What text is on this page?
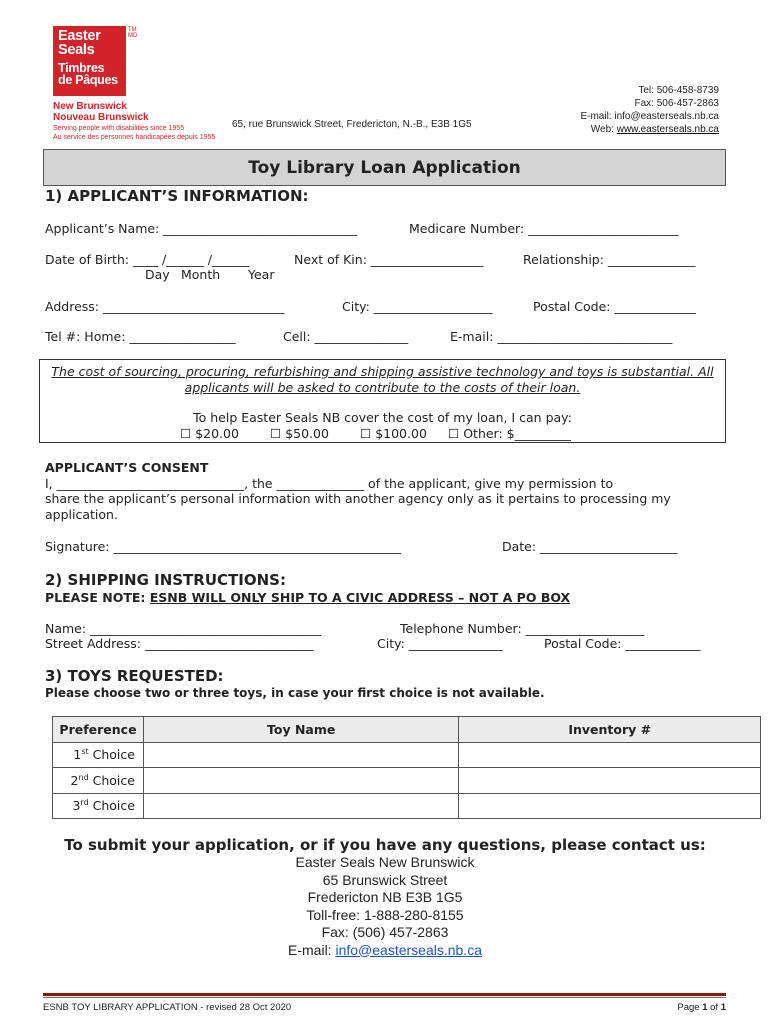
Easter
Seals
Timbres
de Pâques
TM
MD
New Brunswick
Nouveau Brunswick
Serving people with disabilities since 1955
Au service des personnes handicapées depuis 1955
65, rue Brunswick Street, Fredericton, N.-B., E3B 1G5
Tel: 506-458-8739
Fax: 506-457-2863
E-mail: info@easterseals.nb.ca
Web: www.easterseals.nb.ca
Toy Library Loan Application
1) APPLICANT’S INFORMATION:
Applicant’s Name: _______________________________	Medicare Number: ________________________
Date of Birth: ____ /______ /______	Next of Kin: __________________	Relationship: ______________
Day Month Year
Address: _____________________________	City: ___________________	Postal Code: _____________
Tel #: Home: _________________	Cell: _______________	E-mail: ____________________________
The cost of sourcing, procuring, refurbishing and shipping assistive technology and toys is substantial. All
applicants will be asked to contribute to the costs of their loan.
To help Easter Seals NB cover the cost of my loan, I can pay:
☐ $20.00 ☐ $50.00 ☐ $100.00 ☐ Other: $_________
APPLICANT’S CONSENT
I, ______________________________, the ______________ of the applicant, give my permission to
share the applicant’s personal information with another agency only as it pertains to processing my
application.
Signature: ______________________________________________	Date: ______________________
2) SHIPPING INSTRUCTIONS:
PLEASE NOTE: ESNB WILL ONLY SHIP TO A CIVIC ADDRESS – NOT A PO BOX
Name: _____________________________________	Telephone Number: ___________________
Street Address: ___________________________	City: _______________	Postal Code: ____________
3) TOYS REQUESTED:
Please choose two or three toys, in case your first choice is not available.
Preference	Toy Name	Inventory #
1st Choice		
2nd Choice		
3rd Choice		
To submit your application, or if you have any questions, please contact us:
Easter Seals New Brunswick
65 Brunswick Street
Fredericton NB E3B 1G5
Toll-free: 1-888-280-8155
Fax: (506) 457-2863
E-mail: info@easterseals.nb.ca
ESNB TOY LIBRARY APPLICATION - revised 28 Oct 2020	Page 1 of 1
